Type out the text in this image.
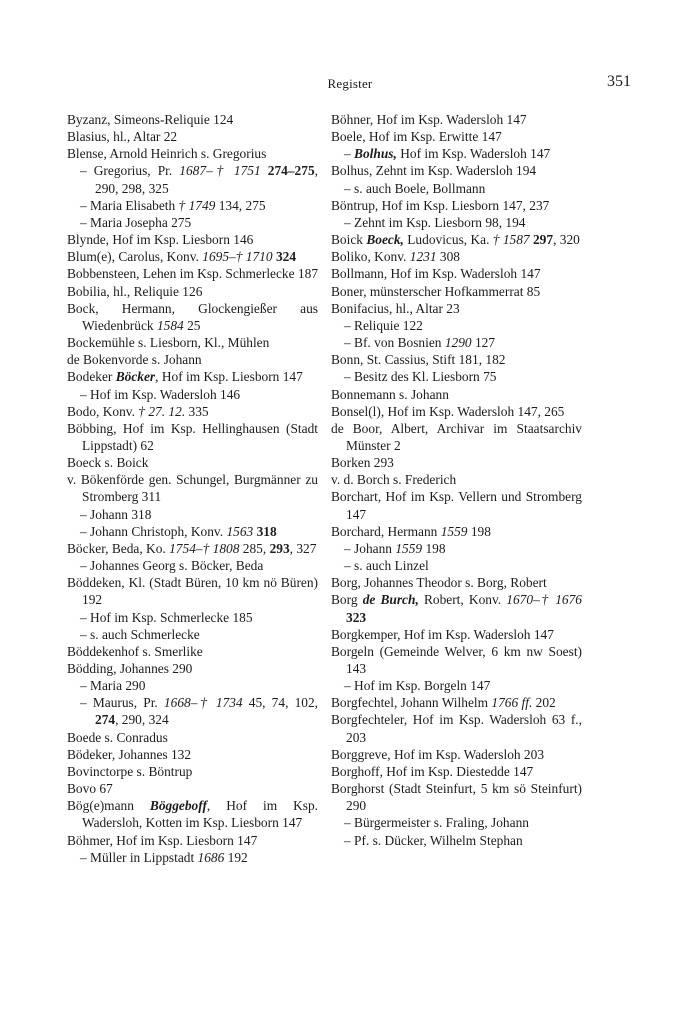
Register	351

Byzanz, Simeons-Reliquie 124

Blasius, hl., Altar 22

Blense, Arnold Heinrich s. Gregorius

– Gregorius, Pr. 1687–† 1751 274–275, 290, 298, 325

– Maria Elisabeth † 1749 134, 275

– Maria Josepha 275

Blynde, Hof im Ksp. Liesborn 146

Blum(e), Carolus, Konv. 1695–† 1710 324

Bobbensteen, Lehen im Ksp. Schmerlecke 187

Bobilia, hl., Reliquie 126

Bock, Hermann, Glockengießer aus Wiedenbrück 1584 25

Bockemühle s. Liesborn, Kl., Mühlen

de Bokenvorde s. Johann

Bodeker Böcker, Hof im Ksp. Liesborn 147

– Hof im Ksp. Wadersloh 146

Bodo, Konv. † 27. 12. 335

Böbbing, Hof im Ksp. Hellinghausen (Stadt Lippstadt) 62

Boeck s. Boick

v. Bökenförde gen. Schungel, Burgmänner zu Stromberg 311

– Johann 318

– Johann Christoph, Konv. 1563 318

Böcker, Beda, Ko. 1754–† 1808 285, 293, 327

– Johannes Georg s. Böcker, Beda

Böddeken, Kl. (Stadt Büren, 10 km nö Büren) 192

– Hof im Ksp. Schmerlecke 185

– s. auch Schmerlecke

Böddekenhof s. Smerlike

Bödding, Johannes 290

– Maria 290

– Maurus, Pr. 1668–† 1734 45, 74, 102, 274, 290, 324

Boede s. Conradus

Bödeker, Johannes 132

Bovinctorpe s. Böntrup

Bovo 67

Bög(e)mann Böggeboff, Hof im Ksp. Wadersloh, Kotten im Ksp. Liesborn 147

Böhmer, Hof im Ksp. Liesborn 147

– Müller in Lippstadt 1686 192

Böhner, Hof im Ksp. Wadersloh 147

Boele, Hof im Ksp. Erwitte 147

– Bolhus, Hof im Ksp. Wadersloh 147

Bolhus, Zehnt im Ksp. Wadersloh 194

– s. auch Boele, Bollmann

Böntrup, Hof im Ksp. Liesborn 147, 237

– Zehnt im Ksp. Liesborn 98, 194

Boick Boeck, Ludovicus, Ka. † 1587 297, 320

Boliko, Konv. 1231 308

Bollmann, Hof im Ksp. Wadersloh 147

Boner, münsterscher Hofkammerrat 85

Bonifacius, hl., Altar 23

– Reliquie 122

– Bf. von Bosnien 1290 127

Bonn, St. Cassius, Stift 181, 182

– Besitz des Kl. Liesborn 75

Bonnemann s. Johann

Bonsel(l), Hof im Ksp. Wadersloh 147, 265

de Boor, Albert, Archivar im Staatsarchiv Münster 2

Borken 293

v. d. Borch s. Frederich

Borchart, Hof im Ksp. Vellern und Stromberg 147

Borchard, Hermann 1559 198

– Johann 1559 198

– s. auch Linzel

Borg, Johannes Theodor s. Borg, Robert

Borg de Burch, Robert, Konv. 1670–† 1676 323

Borgkemper, Hof im Ksp. Wadersloh 147

Borgeln (Gemeinde Welver, 6 km nw Soest) 143

– Hof im Ksp. Borgeln 147

Borgfechtel, Johann Wilhelm 1766 ff. 202

Borgfechteler, Hof im Ksp. Wadersloh 63 f., 203

Borggreve, Hof im Ksp. Wadersloh 203

Borghoff, Hof im Ksp. Diestedde 147

Borghorst (Stadt Steinfurt, 5 km sö Steinfurt) 290

– Bürgermeister s. Fraling, Johann

– Pf. s. Dücker, Wilhelm Stephan
